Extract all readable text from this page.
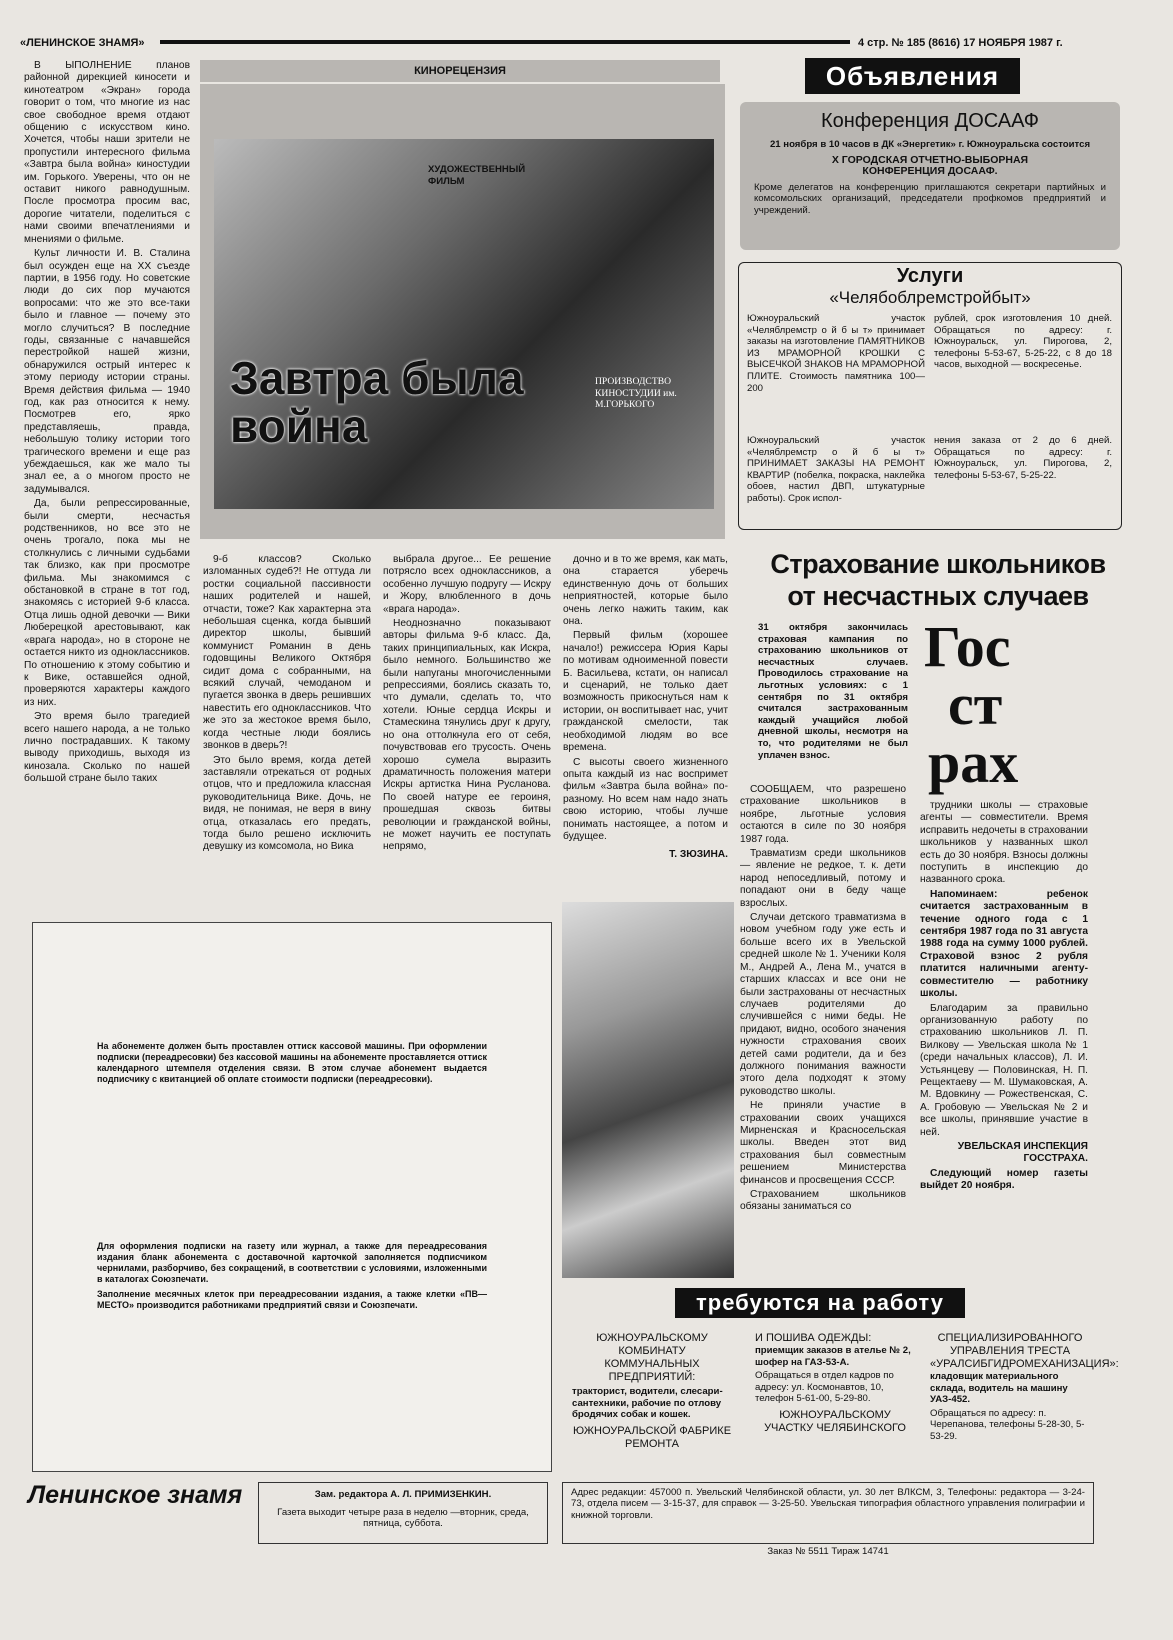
«ЛЕНИНСКОЕ ЗНАМЯ»	4 стр. № 185 (8616) 17 НОЯБРЯ 1987 г.
КИНОРЕЦЕНЗИЯ
ХУДОЖЕСТВЕННЫЙ ФИЛЬМ
Завтра была война
ПРОИЗВОДСТВО КИНОСТУДИИ им. М.ГОРЬКОГО

В ЫПОЛНЕНИЕ планов районной дирекцией киносети и кинотеатром «Экран» города говорит о том, что многие из нас свое свободное время отдают общению с искусством кино. Хочется, чтобы наши зрители не пропустили интересного фильма «Завтра была война» киностудии им. Горького. Уверены, что он не оставит никого равнодушным. После просмотра просим вас, дорогие читатели, поделиться с нами своими впечатлениями и мнениями о фильме.

Культ личности И. В. Сталина был осужден еще на XX съезде партии, в 1956 году. Но советские люди до сих пор мучаются вопросами: что же это все-таки было и главное — почему это могло случиться? В последние годы, связанные с начавшейся перестройкой нашей жизни, обнаружился острый интерес к этому периоду истории страны. Время действия фильма — 1940 год, как раз относится к нему. Посмотрев его, ярко представляешь, правда, небольшую толику истории того трагического времени и еще раз убеждаешься, как же мало ты знал ее, а о многом просто не задумывался.

Да, были репрессированные, были смерти, несчастья родственников, но все это не очень трогало, пока мы не столкнулись с личными судьбами так близко, как при просмотре фильма. Мы знакомимся с обстановкой в стране в тот год, знакомясь с историей 9-б класса. Отца лишь одной девочки — Вики Люберецкой арестовывают, как «врага народа», но в стороне не остается никто из одноклассников. По отношению к этому событию и к Вике, оставшейся одной, проверяются характеры каждого из них.

Это время было трагедией всего нашего народа, а не только лично пострадавших. К такому выводу приходишь, выходя из кинозала. Сколько по нашей большой стране было таких

9-б классов? Сколько изломанных судеб?! Не оттуда ли ростки социальной пассивности наших родителей и нашей, отчасти, тоже? Как характерна эта небольшая сценка, когда бывший директор школы, бывший коммунист Романин в день годовщины Великого Октября сидит дома с собранными, на всякий случай, чемоданом и пугается звонка в дверь решивших навестить его одноклассников. Что же это за жестокое время было, когда честные люди боялись звонков в дверь?!

Это было время, когда детей заставляли отрекаться от родных отцов, что и предложила классная руководительница Вике. Дочь, не видя, не понимая, не веря в вину отца, отказалась его предать, тогда было решено исключить девушку из комсомола, но Вика

выбрала другое... Ее решение потрясло всех одноклассников, а особенно лучшую подругу — Искру и Жору, влюбленного в дочь «врага народа».

Неоднозначно показывают авторы фильма 9-б класс. Да, таких принципиальных, как Искра, было немного. Большинство же были напуганы многочисленными репрессиями, боялись сказать то, что думали, сделать то, что хотели. Юные сердца Искры и Стамескина тянулись друг к другу, но она оттолкнула его от себя, почувствовав его трусость. Очень хорошо сумела выразить драматичность положения матери Искры артистка Нина Русланова. По своей натуре ее героиня, прошедшая сквозь битвы революции и гражданской войны, не может научить ее поступать непрямо,

дочно и в то же время, как мать, она старается уберечь единственную дочь от больших неприятностей, которые было очень легко нажить таким, как она.

Первый фильм (хорошее начало!) режиссера Юрия Кары по мотивам одноименной повести Б. Васильева, кстати, он написал и сценарий, не только дает возможность прикоснуться нам к истории, он воспитывает нас, учит гражданской смелости, так необходимой людям во все времена.

С высоты своего жизненного опыта каждый из нас воспримет фильм «Завтра была война» по-разному. Но всем нам надо знать свою историю, чтобы лучше понимать настоящее, а потом и будущее.

Т. ЗЮЗИНА.

Объявления
Конференция ДОСААФ
21 ноября в 10 часов в ДК «Энергетик» г. Южноуральска состоится
X ГОРОДСКАЯ ОТЧЕТНО-ВЫБОРНАЯ КОНФЕРЕНЦИЯ ДОСААФ.
Кроме делегатов на конференцию приглашаются секретари партийных и комсомольских организаций, председатели профкомов предприятий и учреждений.
Услуги
«Челябоблремстройбыт»
Южноуральский участок «Челяблремстр о й б ы т» принимает заказы на изготовление ПАМЯТНИКОВ ИЗ МРАМОРНОЙ КРОШКИ С ВЫСЕЧКОЙ ЗНАКОВ НА МРАМОРНОЙ ПЛИТЕ. Стоимость памятника 100—200
рублей, срок изготовления 10 дней. Обращаться по адресу: г. Южноуральск, ул. Пирогова, 2, телефоны 5-53-67, 5-25-22, с 8 до 18 часов, выходной — воскресенье.
Южноуральский участок «Челяблремстр о й б ы т» ПРИНИМАЕТ ЗАКАЗЫ НА РЕМОНТ КВАРТИР (побелка, покраска, наклейка обоев, настил ДВП, штукатурные работы). Срок испол-
нения заказа от 2 до 6 дней. Обращаться по адресу: г. Южноуральск, ул. Пирогова, 2, телефоны 5-53-67, 5-25-22.
Страхование школьников
от несчастных случаев
31 октября закончилась страховая кампания по страхованию школьников от несчастных случаев. Проводилось страхование на льготных условиях: с 1 сентября по 31 октября считался застрахованным каждый учащийся любой дневной школы, несмотря на то, что родителями не был уплачен взнос.
Гос
ст
рах

СООБЩАЕМ, что разрешено страхование школьников в ноябре, льготные условия остаются в силе по 30 ноября 1987 года.

Травматизм среди школьников — явление не редкое, т. к. дети народ непоседливый, потому и попадают они в беду чаще взрослых.

Случаи детского травматизма в новом учебном году уже есть и больше всего их в Увельской средней школе № 1. Ученики Коля М., Андрей А., Лена М., учатся в старших классах и все они не были застрахованы от несчастных случаев родителями до случившейся с ними беды. Не придают, видно, особого значения нужности страхования своих детей сами родители, да и без должного понимания важности этого дела подходят к этому руководство школы.

Не приняли участие в страховании своих учащихся Мирненская и Красносельская школы. Введен этот вид страхования был совместным решением Министерства финансов и просвещения СССР.

Страхованием школьников обязаны заниматься со

трудники школы — страховые агенты — совместители. Время исправить недочеты в страховании школьников у названных школ есть до 30 ноября. Взносы должны поступить в инспекцию до названного срока.

Напоминаем: ребенок считается застрахованным в течение одного года с 1 сентября 1987 года по 31 августа 1988 года на сумму 1000 рублей. Страховой взнос 2 рубля платится наличными агенту-совместителю — работнику школы.

Благодарим за правильно организованную работу по страхованию школьников Л. П. Вилкову — Увельская школа № 1 (среди начальных классов), Л. И. Устьянцеву — Половинская, Н. П. Рещектаеву — М. Шумаковская, А. М. Вдовкину — Рожественская, С. А. Гробовую — Увельская № 2 и все школы, принявшие участие в ней.

УВЕЛЬСКАЯ ИНСПЕКЦИЯ ГОССТРАХА.

Следующий номер газеты выйдет 20 ноября.

На абонементе должен быть проставлен оттиск кассовой машины. При оформлении подписки (переадресовки) без кассовой машины на абонементе проставляется оттиск календарного штемпеля отделения связи. В этом случае абонемент выдается подписчику с квитанцией об оплате стоимости подписки (переадресовки).
Для оформления подписки на газету или журнал, а также для переадресования издания бланк абонемента с доставочной карточкой заполняется подписчиком чернилами, разборчиво, без сокращений, в соответствии с условиями, изложенными в каталогах Союзпечати.
Заполнение месячных клеток при переадресовании издания, а также клетки «ПВ—МЕСТО» производится работниками предприятий связи и Союзпечати.	требуются на работу
ЮЖНОУРАЛЬСКОМУ КОМБИНАТУ КОММУНАЛЬНЫХ ПРЕДПРИЯТИЙ:
тракторист, водители, слесари-сантехники, рабочие по отлову бродячих собак и кошек.
ЮЖНОУРАЛЬСКОЙ ФАБРИКЕ РЕМОНТА
И ПОШИВА ОДЕЖДЫ:
приемщик заказов в ателье № 2, шофер на ГАЗ-53-А.
Обращаться в отдел кадров по адресу: ул. Космонавтов, 10, телефон 5-61-00, 5-29-80.
ЮЖНОУРАЛЬСКОМУ УЧАСТКУ ЧЕЛЯБИНСКОГО
СПЕЦИАЛИЗИРОВАННОГО УПРАВЛЕНИЯ ТРЕСТА «УРАЛСИБГИДРОМЕХАНИЗАЦИЯ»:
кладовщик материального склада, водитель на машину УАЗ-452.
Обращаться по адресу: п. Черепанова, телефоны 5-28-30, 5-53-29.
Ленинское знамя	Зам. редактора А. Л. ПРИМИЗЕНКИН.
Газета выходит четыре раза в неделю —вторник, среда, пятница, суббота.
Адрес редакции: 457000 п. Увельский Челябинской области, ул. 30 лет ВЛКСМ, 3, Телефоны: редактора — 3-24-73, отдела писем — 3-15-37, для справок — 3-25-50. Увельская типография областного управления полиграфии и книжной торговли.
Заказ № 5511 Тираж 14741
